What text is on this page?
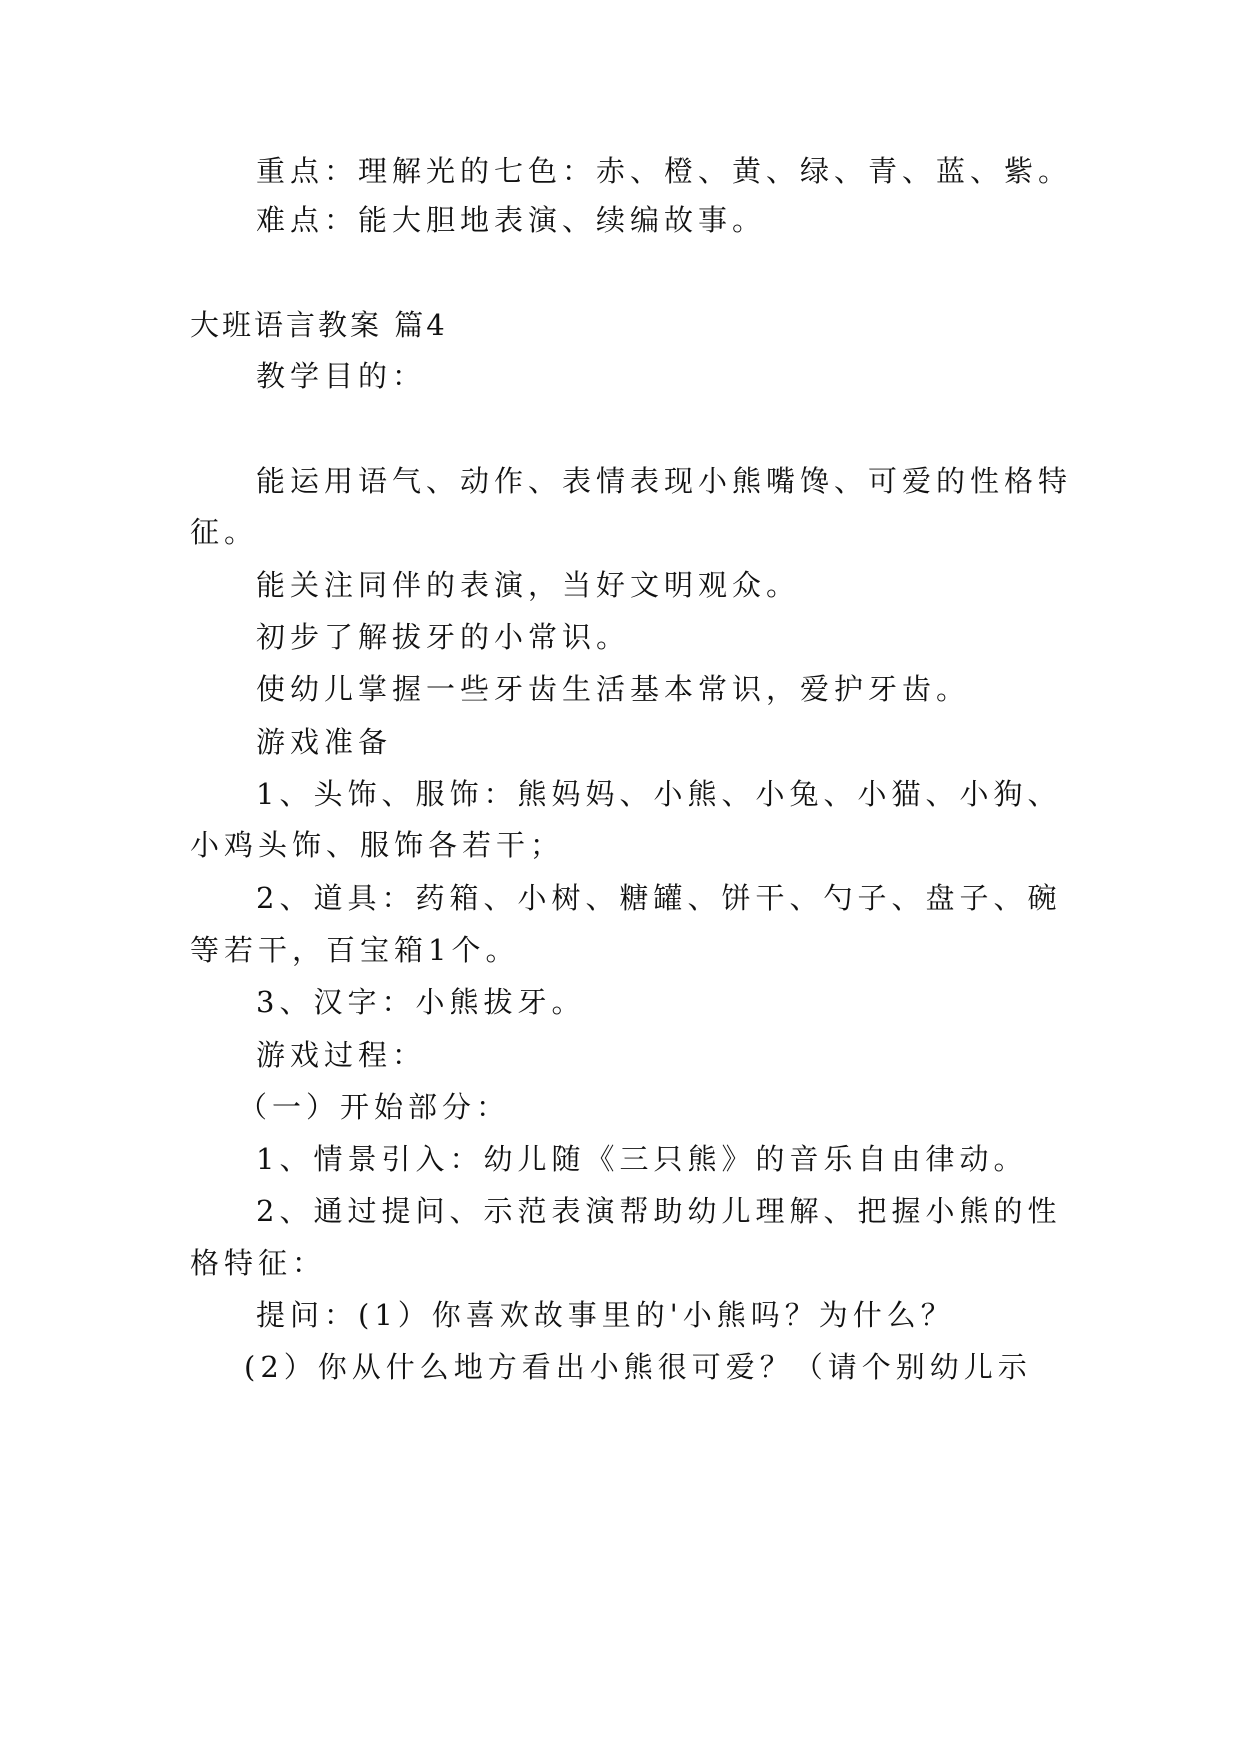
重点：理解光的七色：赤、橙、黄、绿、青、蓝、紫。

难点：能大胆地表演、续编故事。

大班语言教案 篇4

教学目的：

能运用语气、动作、表情表现小熊嘴馋、可爱的性格特

征。

能关注同伴的表演，当好文明观众。

初步了解拔牙的小常识。

使幼儿掌握一些牙齿生活基本常识，爱护牙齿。

游戏准备

1、头饰、服饰：熊妈妈、小熊、小兔、小猫、小狗、

小鸡头饰、服饰各若干；

2、道具：药箱、小树、糖罐、饼干、勺子、盘子、碗

等若干，百宝箱1个。

3、汉字：小熊拔牙。

游戏过程：

（一）开始部分：

1、情景引入：幼儿随《三只熊》的音乐自由律动。

2、通过提问、示范表演帮助幼儿理解、把握小熊的性

格特征：

提问：(1）你喜欢故事里的'小熊吗？为什么？

(2）你从什么地方看出小熊很可爱？（请个别幼儿示
